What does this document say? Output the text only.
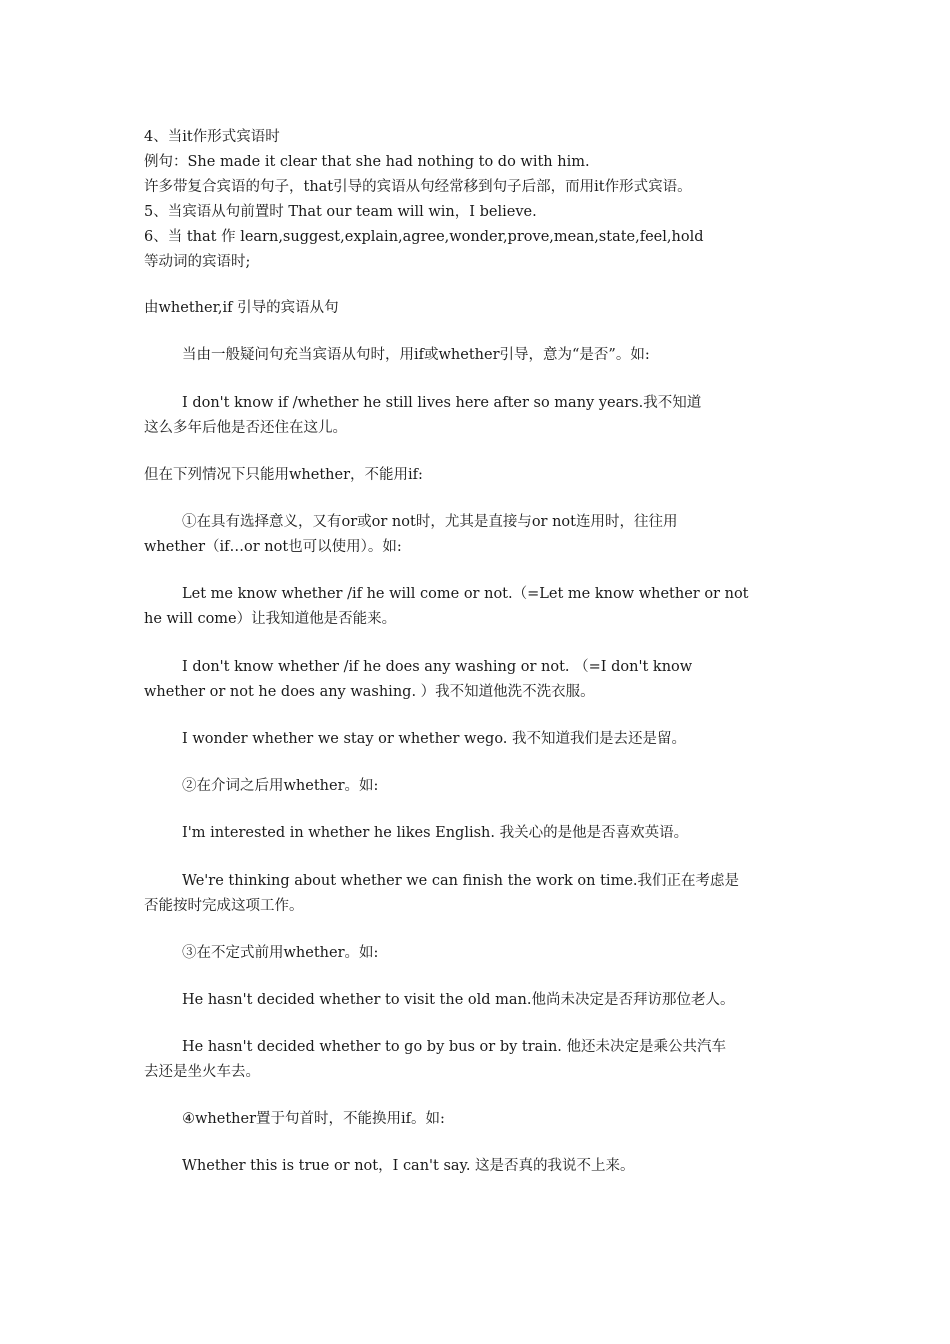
4、当it作形式宾语时
例句：She made it clear that she had nothing to do with him.
许多带复合宾语的句子，that引导的宾语从句经常移到句子后部，而用it作形式宾语。
5、当宾语从句前置时 That our team will win，I believe.
6、当 that 作 learn,suggest,explain,agree,wonder,prove,mean,state,feel,hold
等动词的宾语时;
由whether,if 引导的宾语从句
当由一般疑问句充当宾语从句时，用if或whether引导，意为“是否”。如:
I don't know if /whether he still lives here after so many years.我不知道
这么多年后他是否还住在这儿。
但在下列情况下只能用whether，不能用if:
①在具有选择意义，又有or或or not时，尤其是直接与or not连用时，往往用
whether（if…or not也可以使用）。如:
Let me know whether /if he will come or not.（=Let me know whether or not
he will come）让我知道他是否能来。
I don't know whether /if he does any washing or not. （=I don't know
whether or not he does any washing. ）我不知道他洗不洗衣服。
I wonder whether we stay or whether wego. 我不知道我们是去还是留。
②在介词之后用whether。如:
I'm interested in whether he likes English. 我关心的是他是否喜欢英语。
We're thinking about whether we can finish the work on time.我们正在考虑是
否能按时完成这项工作。
③在不定式前用whether。如:
He hasn't decided whether to visit the old man.他尚未决定是否拜访那位老人。
He hasn't decided whether to go by bus or by train. 他还未决定是乘公共汽车
去还是坐火车去。
④whether置于句首时，不能换用if。如:
Whether this is true or not，I can't say. 这是否真的我说不上来。
